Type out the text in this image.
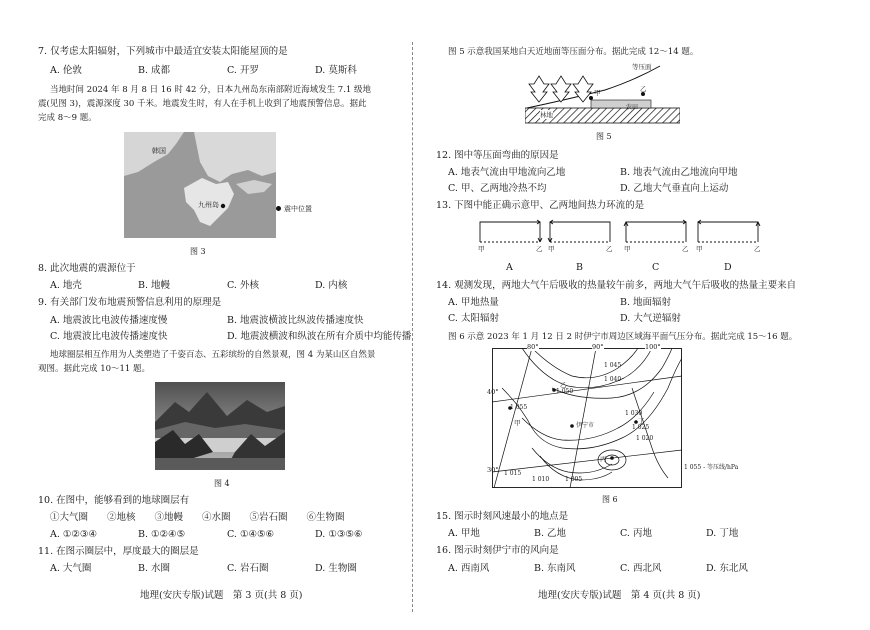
7. 仅考虑太阳辐射，下列城市中最适宜安装太阳能屋顶的是
A. 伦敦	B. 成都	C. 开罗	D. 莫斯科
当地时间 2024 年 8 月 8 日 16 时 42 分，日本九州岛东南部附近海域发生 7.1 级地
震(见图 3)，震源深度 30 千米。地震发生时，有人在手机上收到了地震预警信息。据此
完成 8～9 题。
韩国
九州岛	震中位置
图 3
8. 此次地震的震源位于
A. 地壳	B. 地幔	C. 外核	D. 内核
9. 有关部门发布地震预警信息利用的原理是
A. 地震波比电波传播速度慢	B. 地震波横波比纵波传播速度快
C. 地震波比电波传播速度快	D. 地震波横波和纵波在所有介质中均能传播
地球圈层相互作用为人类塑造了千姿百态、五彩缤纷的自然景观，图 4 为某山区自然景
观图。据此完成 10～11 题。
图 4
10. 在图中，能够看到的地球圈层有
①大气圈　　②地核　　③地幔　　④水圈　　⑤岩石圈　　⑥生物圈
A. ①②③④	B. ①②④⑤	C. ①④⑤⑥	D. ①③⑤⑥
11. 在图示圈层中，厚度最大的圈层是
A. 大气圈	B. 水圈	C. 岩石圈	D. 生物圈
地理(安庆专版)试题　第 3 页(共 8 页)
图 5 示意我国某地白天近地面等压面分布。据此完成 12～14 题。
等压面
甲	乙
林地
农田
图 5
12. 图中等压面弯曲的原因是
A. 地表气流由甲地流向乙地	B. 地表气流由乙地流向甲地
C. 甲、乙两地冷热不均	D. 乙地大气垂直向上运动
13. 下图中能正确示意甲、乙两地间热力环流的是
甲	乙 甲	乙 甲	乙 甲	乙
A	B	C	D
14. 观测发现，两地大气午后吸收的热量较午前多，两地大气午后吸收的热量主要来自
A. 甲地热量	B. 地面辐射
C. 太阳辐射	D. 大气逆辐射
图 6 示意 2023 年 1 月 12 日 2 时伊宁市周边区域海平面气压分布。据此完成 15～16 题。
80°	100°
90°
40°
30°
1 045
1 040
1 055
1 050
1 030
1 025
1 020
1 015
1 010	1 005
甲
乙
丙
丁
伊宁市
1 055 - 等压线/hPa
图 6
15. 图示时刻风速最小的地点是
A. 甲地	B. 乙地	C. 丙地	D. 丁地
16. 图示时刻伊宁市的风向是
A. 西南风	B. 东南风	C. 西北风	D. 东北风
地理(安庆专版)试题　第 4 页(共 8 页)
